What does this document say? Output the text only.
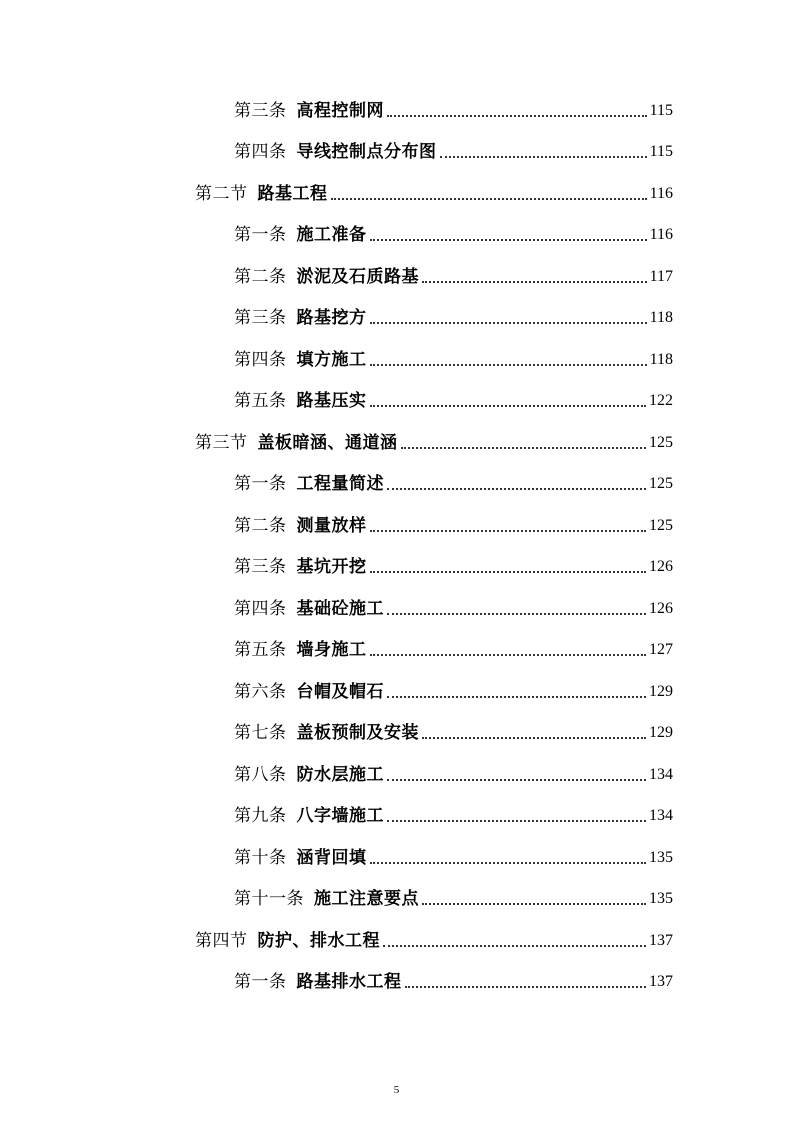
第三条 高程控制网	115
第四条 导线控制点分布图	115
第二节 路基工程	116
第一条 施工准备	116
第二条 淤泥及石质路基	117
第三条 路基挖方	118
第四条 填方施工	118
第五条 路基压实	122
第三节 盖板暗涵、通道涵	125
第一条 工程量简述	125
第二条 测量放样	125
第三条 基坑开挖	126
第四条 基础砼施工	126
第五条 墙身施工	127
第六条 台帽及帽石	129
第七条 盖板预制及安装	129
第八条 防水层施工	134
第九条 八字墙施工	134
第十条 涵背回填	135
第十一条 施工注意要点	135
第四节 防护、排水工程	137
第一条 路基排水工程	137
5
